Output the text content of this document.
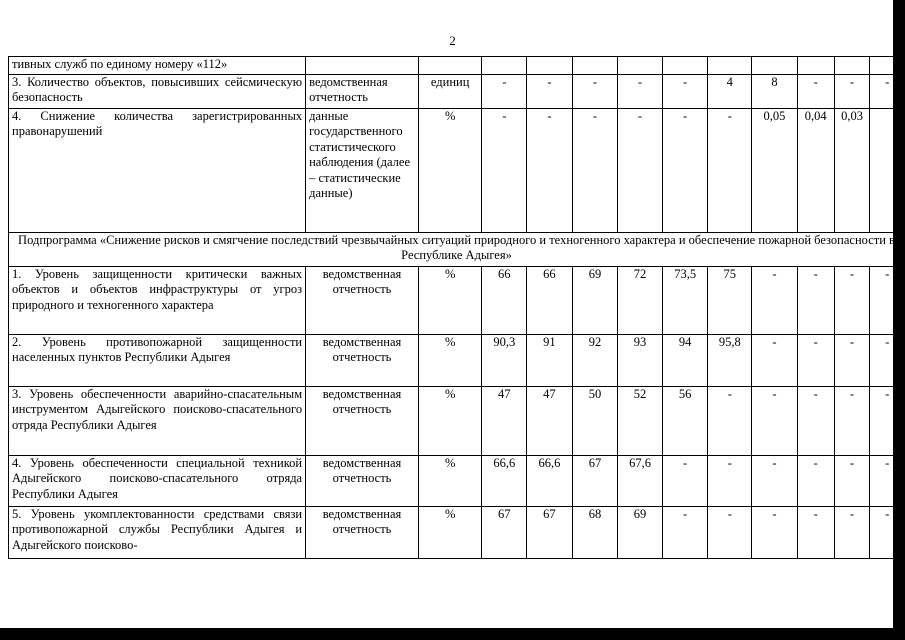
2
тивных служб по единому номеру «112»												
3. Количество объектов, повысивших сейсмическую безопасность	ведомственная отчетность	единиц	-	-	-	-	-	4	8	-	-	-
4. Снижение количества зарегистрированных правонарушений	данные государственного статистического наблюдения (далее – статистические данные)	%	-	-	-	-	-	-	0,05	0,04	0,03	
Подпрограмма «Снижение рисков и смягчение последствий чрезвычайных ситуаций природного и техногенного характера и обеспечение пожарной безопасности в Республике Адыгея»												
1. Уровень защищенности критически важных объектов и объектов инфраструктуры от угроз природного и техногенного характера	ведомственная отчетность	%	66	66	69	72	73,5	75	-	-	-	-
2. Уровень противопожарной защищенности населенных пунктов Республики Адыгея	ведомственная отчетность	%	90,3	91	92	93	94	95,8	-	-	-	-
3. Уровень обеспеченности аварийно-спасательным инструментом Адыгейского поисково-спасательного отряда Республики Адыгея	ведомственная отчетность	%	47	47	50	52	56	-	-	-	-	-
4. Уровень обеспеченности специальной техникой Адыгейского поисково-спасательного отряда Республики Адыгея	ведомственная отчетность	%	66,6	66,6	67	67,6	-	-	-	-	-	-
5. Уровень укомплектованности средствами связи противопожарной службы Республики Адыгея и Адыгейского поисково-	ведомственная отчетность	%	67	67	68	69	-	-	-	-	-	-
